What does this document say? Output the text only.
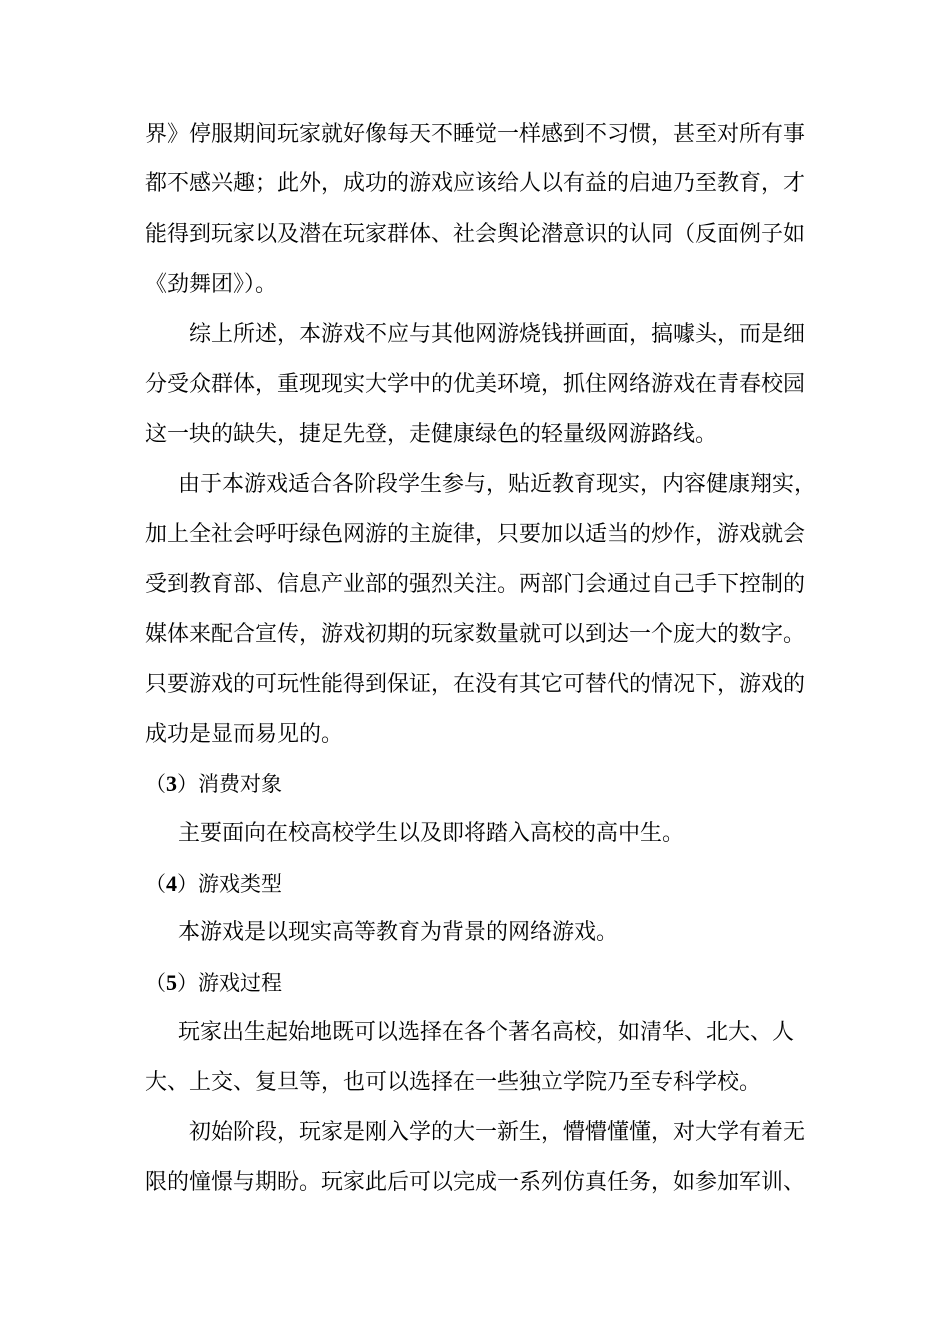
界》停服期间玩家就好像每天不睡觉一样感到不习惯，甚至对所有事
都不感兴趣；此外，成功的游戏应该给人以有益的启迪乃至教育，才
能得到玩家以及潜在玩家群体、社会舆论潜意识的认同（反面例子如
《劲舞团》）。
综上所述，本游戏不应与其他网游烧钱拼画面，搞噱头，而是细
分受众群体，重现现实大学中的优美环境，抓住网络游戏在青春校园
这一块的缺失，捷足先登，走健康绿色的轻量级网游路线。
由于本游戏适合各阶段学生参与，贴近教育现实，内容健康翔实，
加上全社会呼吁绿色网游的主旋律，只要加以适当的炒作，游戏就会
受到教育部、信息产业部的强烈关注。两部门会通过自己手下控制的
媒体来配合宣传，游戏初期的玩家数量就可以到达一个庞大的数字。
只要游戏的可玩性能得到保证，在没有其它可替代的情况下，游戏的
成功是显而易见的。
（3）消费对象
主要面向在校高校学生以及即将踏入高校的高中生。
（4）游戏类型
本游戏是以现实高等教育为背景的网络游戏。
（5）游戏过程
玩家出生起始地既可以选择在各个著名高校，如清华、北大、人
大、上交、复旦等，也可以选择在一些独立学院乃至专科学校。
初始阶段，玩家是刚入学的大一新生，懵懵懂懂，对大学有着无
限的憧憬与期盼。玩家此后可以完成一系列仿真任务，如参加军训、
